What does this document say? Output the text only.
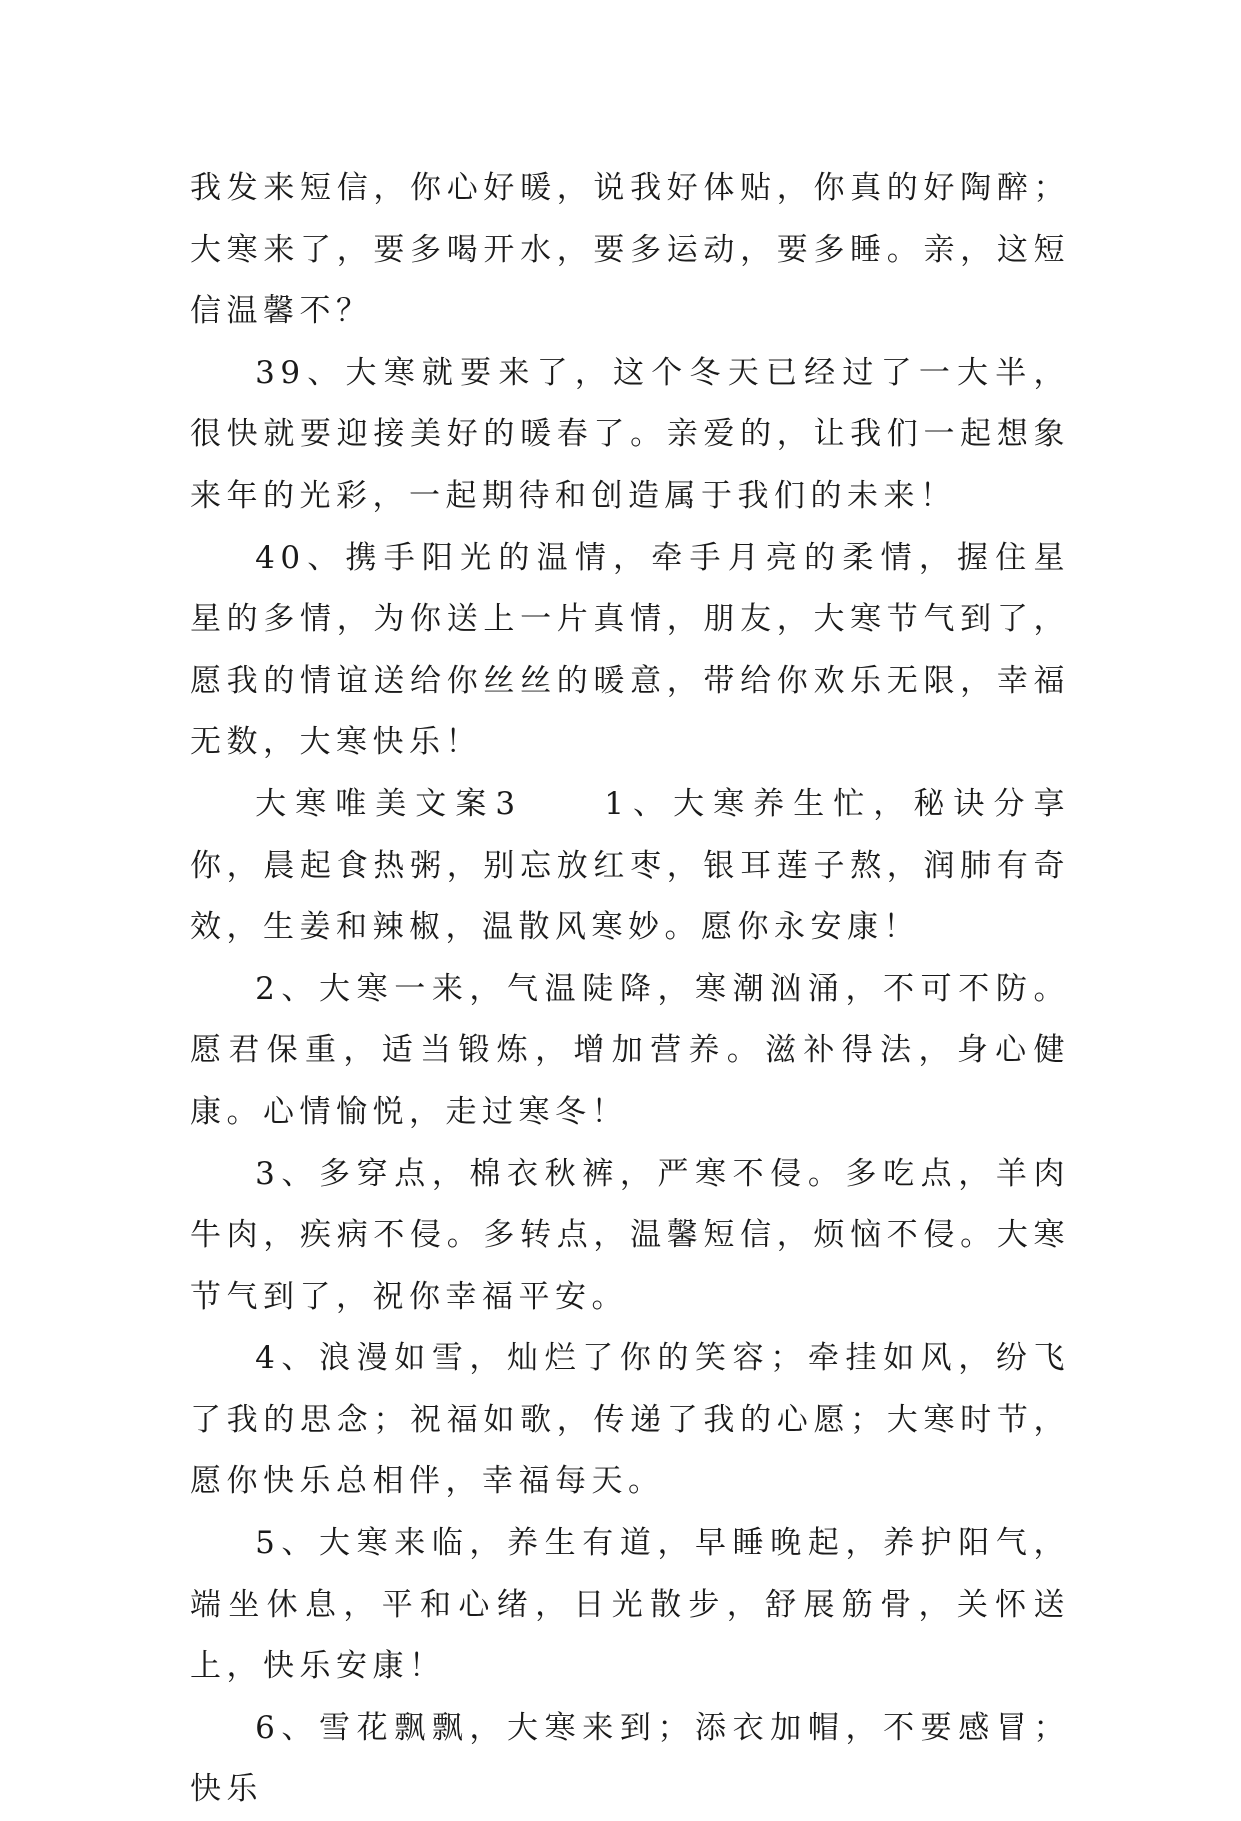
我发来短信，你心好暖，说我好体贴，你真的好陶醉；大寒来了，要多喝开水，要多运动，要多睡。亲，这短信温馨不？

39、大寒就要来了，这个冬天已经过了一大半，很快就要迎接美好的暖春了。亲爱的，让我们一起想象来年的光彩，一起期待和创造属于我们的未来！

40、携手阳光的温情，牵手月亮的柔情，握住星星的多情，为你送上一片真情，朋友，大寒节气到了，愿我的情谊送给你丝丝的暖意，带给你欢乐无限，幸福无数，大寒快乐！

大寒唯美文案3　　1、大寒养生忙，秘诀分享你，晨起食热粥，别忘放红枣，银耳莲子熬，润肺有奇效，生姜和辣椒，温散风寒妙。愿你永安康！

2、大寒一来，气温陡降，寒潮汹涌，不可不防。愿君保重，适当锻炼，增加营养。滋补得法，身心健康。心情愉悦，走过寒冬！

3、多穿点，棉衣秋裤，严寒不侵。多吃点，羊肉牛肉，疾病不侵。多转点，温馨短信，烦恼不侵。大寒节气到了，祝你幸福平安。

4、浪漫如雪，灿烂了你的笑容；牵挂如风，纷飞了我的思念；祝福如歌，传递了我的心愿；大寒时节，愿你快乐总相伴，幸福每天。

5、大寒来临，养生有道，早睡晚起，养护阳气，端坐休息，平和心绪，日光散步，舒展筋骨，关怀送上，快乐安康！

6、雪花飘飘，大寒来到；添衣加帽，不要感冒；快乐
